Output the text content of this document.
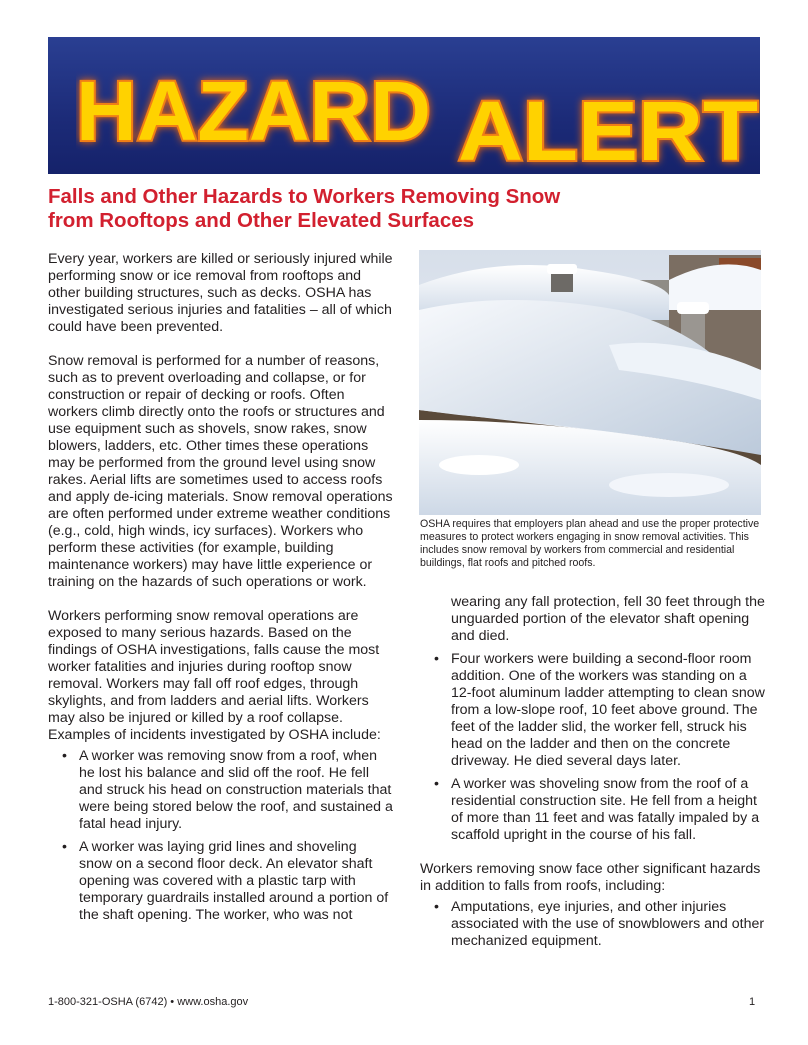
HAZARD ALERT
Falls and Other Hazards to Workers Removing Snow
from Rooftops and Other Elevated Surfaces

Every year, workers are killed or seriously injured while performing snow or ice removal from rooftops and other building structures, such as decks. OSHA has investigated serious injuries and fatalities – all of which could have been prevented.

Snow removal is performed for a number of reasons, such as to prevent overloading and collapse, or for construction or repair of decking or roofs. Often workers climb directly onto the roofs or structures and use equipment such as shovels, snow rakes, snow blowers, ladders, etc. Other times these operations may be performed from the ground level using snow rakes. Aerial lifts are sometimes used to access roofs and apply de-icing materials. Snow removal operations are often performed under extreme weather conditions (e.g., cold, high winds, icy surfaces). Workers who perform these activities (for example, building maintenance workers) may have little experience or training on the hazards of such operations or work.

Workers performing snow removal operations are exposed to many serious hazards. Based on the findings of OSHA investigations, falls cause the most worker fatalities and injuries during rooftop snow removal. Workers may fall off roof edges, through skylights, and from ladders and aerial lifts. Workers may also be injured or killed by a roof collapse. Examples of incidents investigated by OSHA include:

• A worker was removing snow from a roof, when he lost his balance and slid off the roof. He fell and struck his head on construction materials that were being stored below the roof, and sustained a fatal head injury.
• A worker was laying grid lines and shoveling snow on a second floor deck. An elevator shaft opening was covered with a plastic tarp with temporary guardrails installed around a portion of the shaft opening. The worker, who was not
OSHA requires that employers plan ahead and use the proper protective measures to protect workers engaging in snow removal activities. This includes snow removal by workers from commercial and residential buildings, flat roofs and pitched roofs.
wearing any fall protection, fell 30 feet through the unguarded portion of the elevator shaft opening and died.
• Four workers were building a second-floor room addition. One of the workers was standing on a 12-foot aluminum ladder attempting to clean snow from a low-slope roof, 10 feet above ground. The feet of the ladder slid, the worker fell, struck his head on the ladder and then on the concrete driveway. He died several days later.
• A worker was shoveling snow from the roof of a residential construction site. He fell from a height of more than 11 feet and was fatally impaled by a scaffold upright in the course of his fall.

Workers removing snow face other significant hazards in addition to falls from roofs, including:

• Amputations, eye injuries, and other injuries associated with the use of snowblowers and other mechanized equipment.
1-800-321-OSHA (6742) • www.osha.gov	1
